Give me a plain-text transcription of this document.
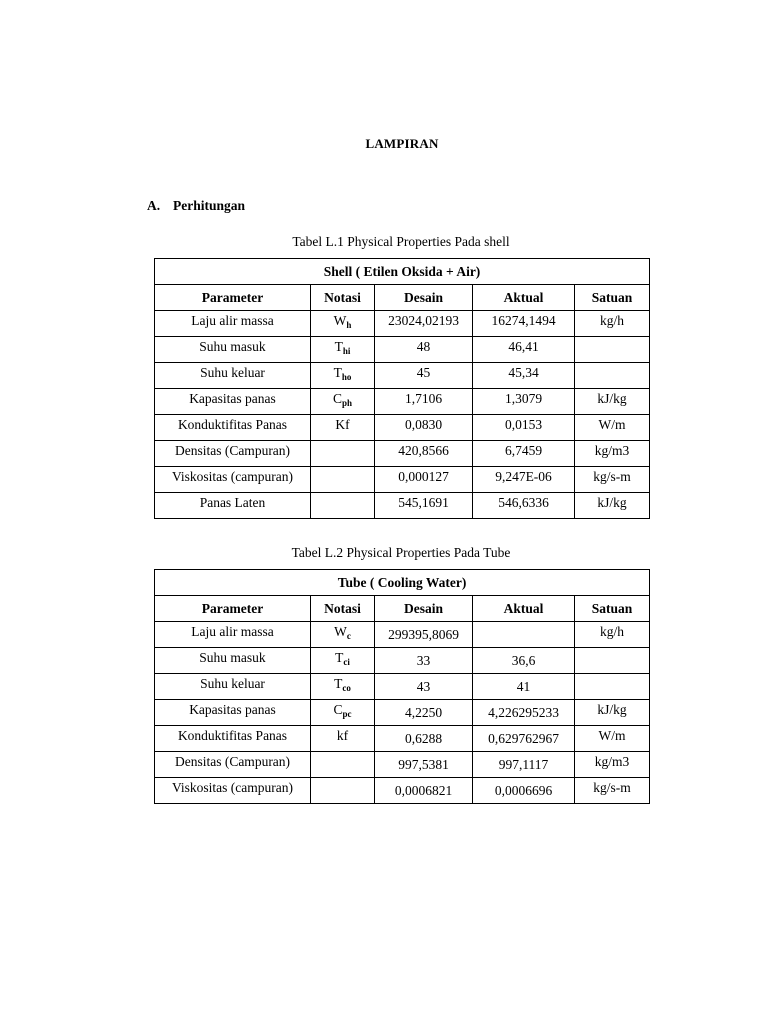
LAMPIRAN
A. Perhitungan
Tabel L.1 Physical Properties Pada shell
Shell ( Etilen Oksida + Air)				
Parameter	Notasi	Desain	Aktual	Satuan
Laju alir massa	$W_h$	23024,02193	16274,1494	kg/h
Suhu masuk	$T_{hi}$	48	46,41	
Suhu keluar	$T_{ho}$	45	45,34	
Kapasitas panas	$C_{ph}$	1,7106	1,3079	kJ/kg
Konduktifitas Panas	Kf	0,0830	0,0153	W/m
Densitas (Campuran)		420,8566	6,7459	kg/m3
Viskositas (campuran)		0,000127	9,247E-06	kg/s-m
Panas Laten		545,1691	546,6336	kJ/kg
Tabel L.2 Physical Properties Pada Tube
Tube ( Cooling Water)				
Parameter	Notasi	Desain	Aktual	Satuan
Laju alir massa	$W_c$	299395,8069		kg/h
Suhu masuk	$T_{ci}$	33	36,6	
Suhu keluar	$T_{co}$	43	41	
Kapasitas panas	$C_{pc}$	4,2250	4,226295233	kJ/kg
Konduktifitas Panas	kf	0,6288	0,629762967	W/m
Densitas (Campuran)		997,5381	997,1117	kg/m3
Viskositas (campuran)		0,0006821	0,0006696	kg/s-m
